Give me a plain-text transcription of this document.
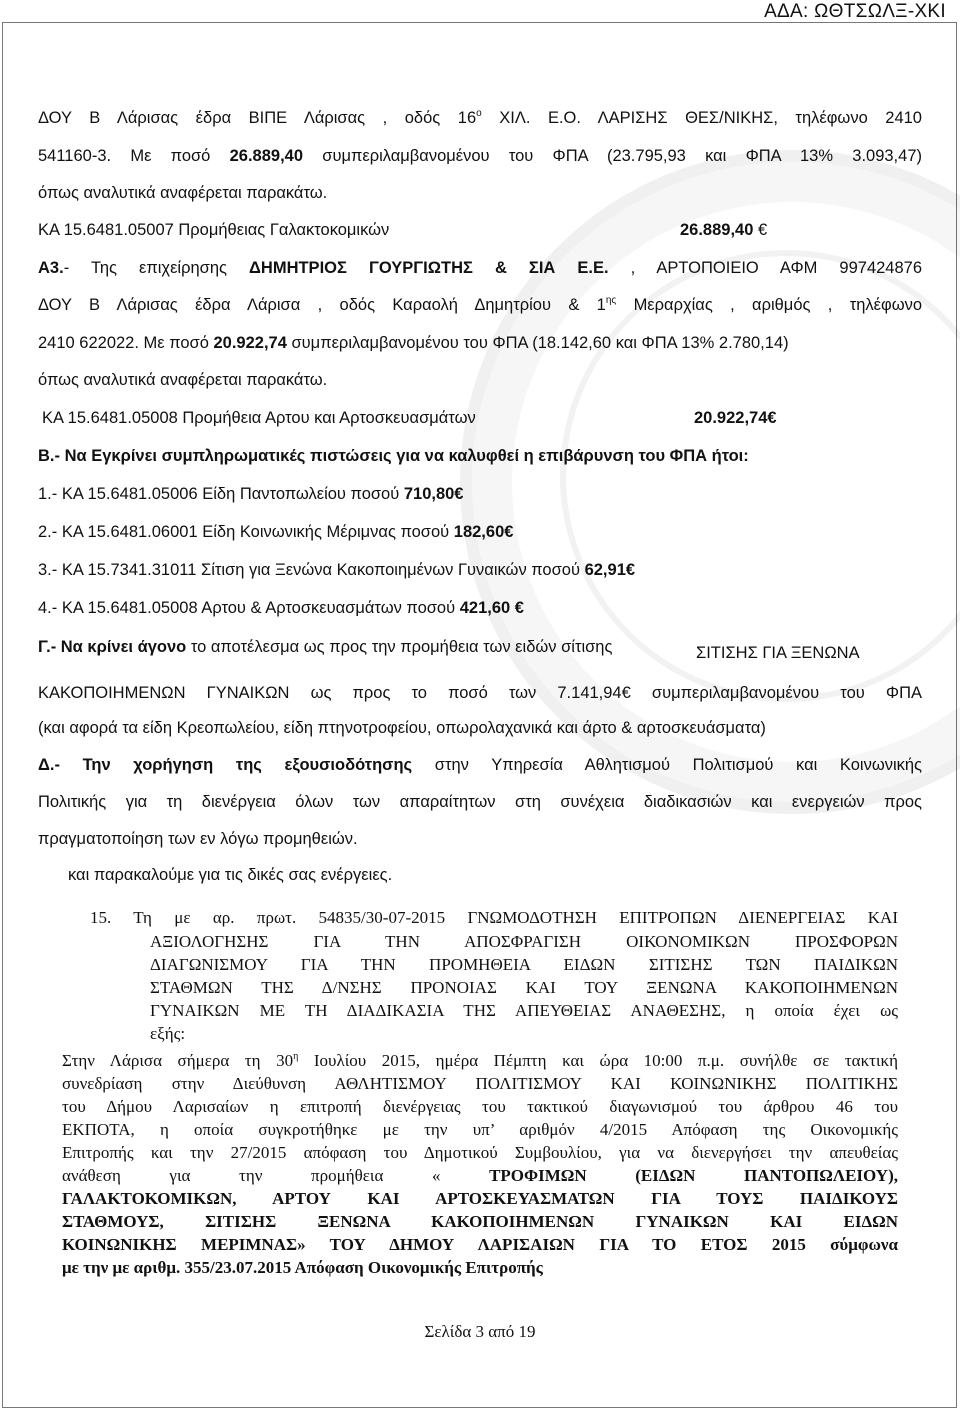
ΑΔΑ: ΩΘΤΣΩΛΞ-ΧΚΙ
ΔΟΥ Β Λάρισας έδρα ΒΙΠΕ Λάρισας , οδός $16^o$ ΧΙΛ. Ε.Ο. ΛΑΡΙΣΗΣ ΘΕΣ/ΝΙΚΗΣ, τηλέφωνο 2410
541160-3. Με ποσό 26.889,40 συμπεριλαμβανομένου του ΦΠΑ (23.795,93 και ΦΠΑ 13% 3.093,47)
όπως αναλυτικά αναφέρεται παρακάτω.
ΚΑ 15.6481.05007 Προμήθειας Γαλακτοκομικών	26.889,40 €
Α3.- Της επιχείρησης ΔΗΜΗΤΡΙΟΣ ΓΟΥΡΓΙΩΤΗΣ & ΣΙΑ Ε.Ε. , ΑΡΤΟΠΟΙΕΙΟ ΑΦΜ 997424876
ΔΟΥ Β Λάρισας έδρα Λάρισα , οδός Καραολή Δημητρίου & $1^{\eta\varsigma}$ Μεραρχίας , αριθμός , τηλέφωνο
2410 622022. Με ποσό 20.922,74 συμπεριλαμβανομένου του ΦΠΑ (18.142,60 και ΦΠΑ 13% 2.780,14)
όπως αναλυτικά αναφέρεται παρακάτω.
ΚΑ 15.6481.05008 Προμήθεια Αρτου και Αρτοσκευασμάτων	20.922,74€
Β.- Να Εγκρίνει συμπληρωματικές πιστώσεις για να καλυφθεί η επιβάρυνση του ΦΠΑ ήτοι:
1.- ΚΑ 15.6481.05006 Είδη Παντοπωλείου ποσού 710,80€
2.- ΚΑ 15.6481.06001 Είδη Κοινωνικής Μέριμνας ποσού 182,60€
3.- ΚΑ 15.7341.31011 Σίτιση για Ξενώνα Κακοποιημένων Γυναικών ποσού 62,91€
4.- ΚΑ 15.6481.05008 Αρτου & Αρτοσκευασμάτων ποσού 421,60 €
Γ.- Να κρίνει άγονο το αποτέλεσμα ως προς την προμήθεια των ειδών σίτισης	ΣΙΤΙΣΗΣ ΓΙΑ ΞΕΝΩΝΑ
ΚΑΚΟΠΟΙΗΜΕΝΩΝ ΓΥΝΑΙΚΩΝ ως προς το ποσό των 7.141,94€ συμπεριλαμβανομένου του ΦΠΑ
(και αφορά τα είδη Κρεοπωλείου, είδη πτηνοτροφείου, οπωρολαχανικά και άρτο & αρτοσκευάσματα)
Δ.- Την χορήγηση της εξουσιοδότησης στην Υπηρεσία Αθλητισμού Πολιτισμού και Κοινωνικής
Πολιτικής για τη διενέργεια όλων των απαραίτητων στη συνέχεια διαδικασιών και ενεργειών προς
πραγματοποίηση των εν λόγω προμηθειών.
και παρακαλούμε για τις δικές σας ενέργειες.
15. Τη με αρ. πρωτ. 54835/30-07-2015 ΓΝΩΜΟΔΟΤΗΣΗ ΕΠΙΤΡΟΠΩΝ ΔΙΕΝΕΡΓΕΙΑΣ ΚΑΙ
ΑΞΙΟΛΟΓΗΣΗΣ ΓΙΑ ΤΗΝ ΑΠΟΣΦΡΑΓΙΣΗ ΟΙΚΟΝΟΜΙΚΩΝ ΠΡΟΣΦΟΡΩΝ
ΔΙΑΓΩΝΙΣΜΟΥ ΓΙΑ ΤΗΝ ΠΡΟΜΗΘΕΙΑ ΕΙΔΩΝ ΣΙΤΙΣΗΣ ΤΩΝ ΠΑΙΔΙΚΩΝ
ΣΤΑΘΜΩΝ ΤΗΣ Δ/ΝΣΗΣ ΠΡΟΝΟΙΑΣ ΚΑΙ ΤΟΥ ΞΕΝΩΝΑ ΚΑΚΟΠΟΙΗΜΕΝΩΝ
ΓΥΝΑΙΚΩΝ ΜΕ ΤΗ ΔΙΑΔΙΚΑΣΙΑ ΤΗΣ ΑΠΕΥΘΕΙΑΣ ΑΝΑΘΕΣΗΣ, η οποία έχει ως
εξής:
Στην Λάρισα σήμερα τη $30^\eta$ Ιουλίου 2015, ημέρα Πέμπτη και ώρα 10:00 π.μ. συνήλθε σε τακτική
συνεδρίαση στην Διεύθυνση ΑΘΛΗΤΙΣΜΟΥ ΠΟΛΙΤΙΣΜΟΥ ΚΑΙ ΚΟΙΝΩΝΙΚΗΣ ΠΟΛΙΤΙΚΗΣ
του Δήμου Λαρισαίων η επιτροπή διενέργειας του τακτικού διαγωνισμού του άρθρου 46 του
ΕΚΠΟΤΑ, η οποία συγκροτήθηκε με την υπ’ αριθμόν 4/2015 Απόφαση της Οικονομικής
Επιτροπής και την 27/2015 απόφαση του Δημοτικού Συμβουλίου, για να διενεργήσει την απευθείας
ανάθεση για την προμήθεια « ΤΡΟΦΙΜΩΝ (ΕΙΔΩΝ ΠΑΝΤΟΠΩΛΕΙΟΥ),
ΓΑΛΑΚΤΟΚΟΜΙΚΩΝ, ΑΡΤΟΥ ΚΑΙ ΑΡΤΟΣΚΕΥΑΣΜΑΤΩΝ ΓΙΑ ΤΟΥΣ ΠΑΙΔΙΚΟΥΣ
ΣΤΑΘΜΟΥΣ, ΣΙΤΙΣΗΣ ΞΕΝΩΝΑ ΚΑΚΟΠΟΙΗΜΕΝΩΝ ΓΥΝΑΙΚΩΝ ΚΑΙ ΕΙΔΩΝ
ΚΟΙΝΩΝΙΚΗΣ ΜΕΡΙΜΝΑΣ» ΤΟΥ ΔΗΜΟΥ ΛΑΡΙΣΑΙΩΝ ΓΙΑ ΤΟ ΕΤΟΣ 2015 σύμφωνα
με την με αριθμ. 355/23.07.2015 Απόφαση Οικονομικής Επιτροπής
Σελίδα 3 από 19
